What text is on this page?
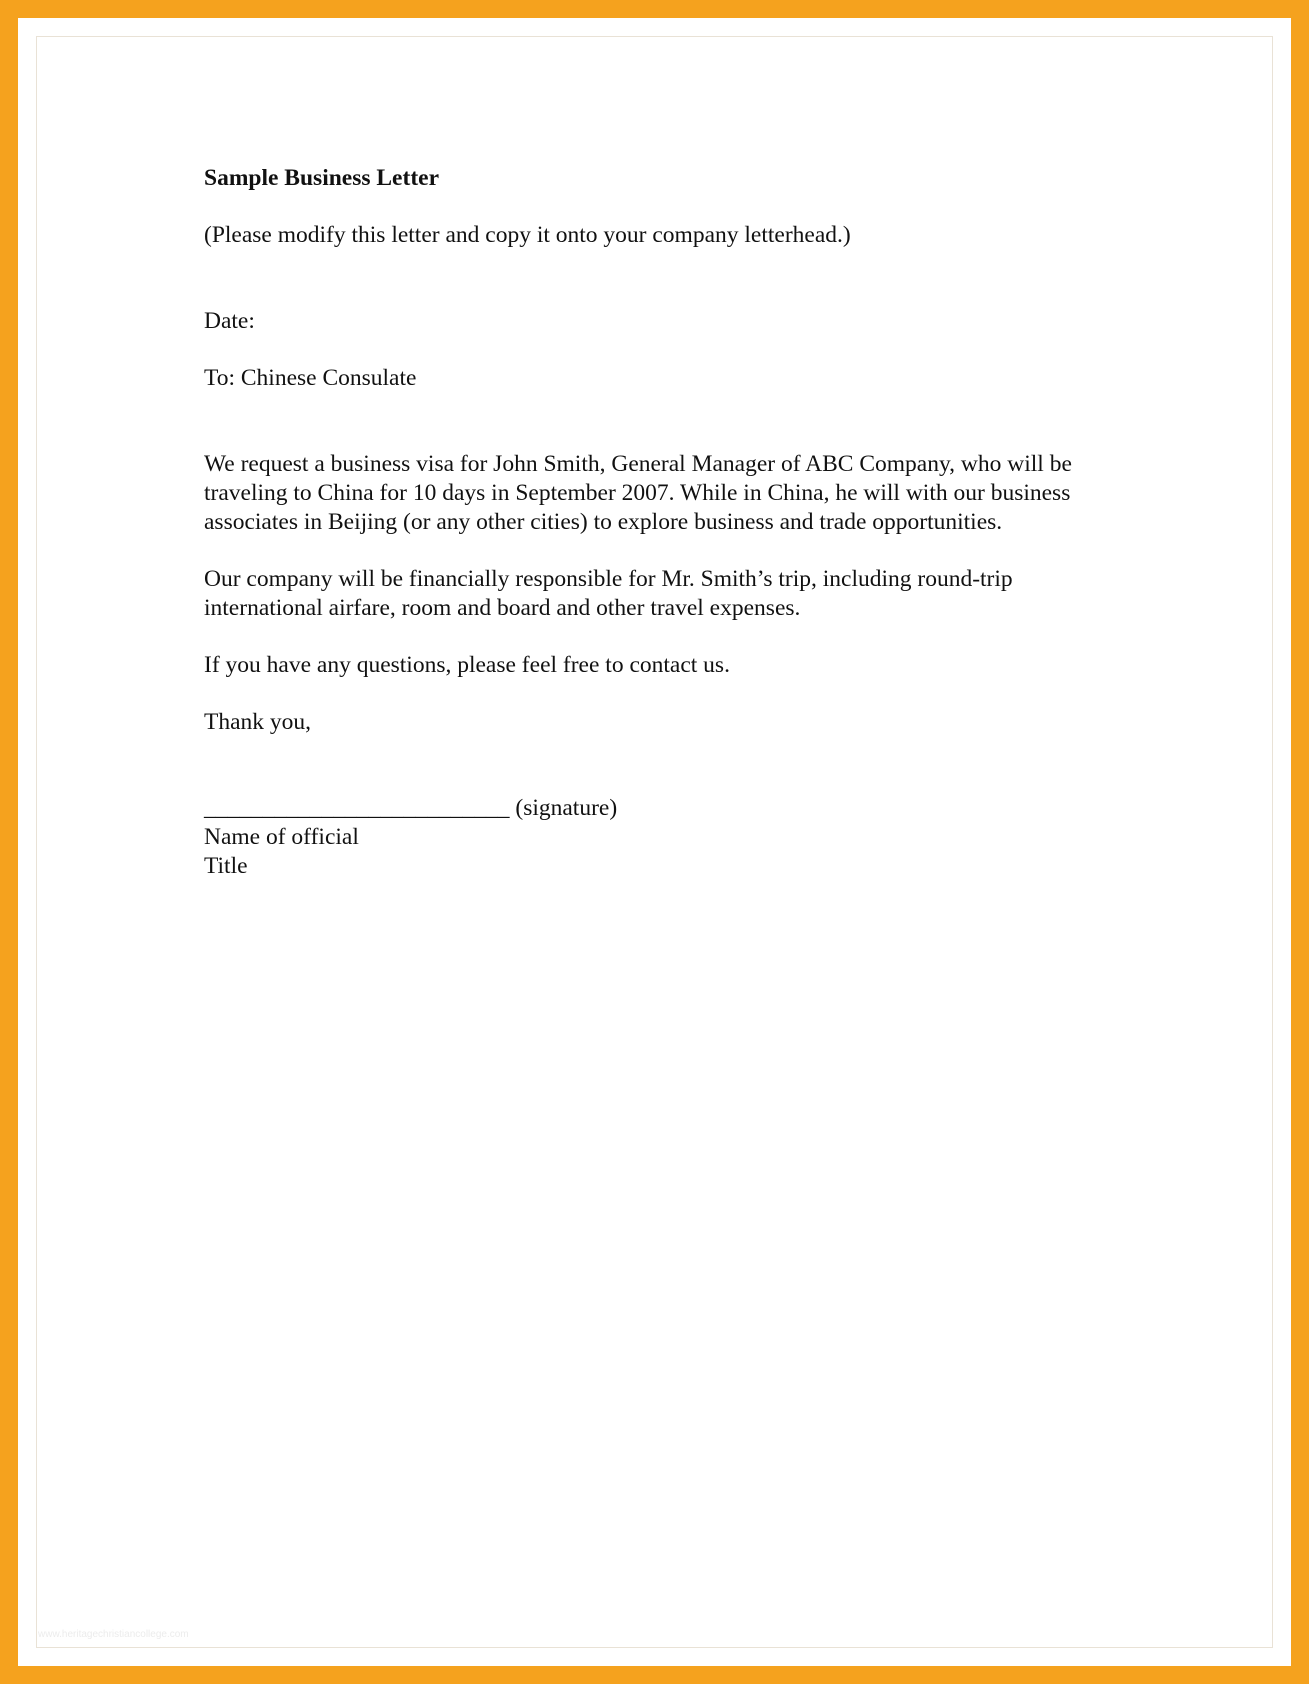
Sample Business Letter

(Please modify this letter and copy it onto your company letterhead.)

Date:

To: Chinese Consulate

We request a business visa for John Smith, General Manager of ABC Company, who will be traveling to China for 10 days in September 2007. While in China, he will with our business associates in Beijing (or any other cities) to explore business and trade opportunities.

Our company will be financially responsible for Mr. Smith’s trip, including round-trip international airfare, room and board and other travel expenses.

If you have any questions, please feel free to contact us.

Thank you,

__________________________ (signature)
Name of official
Title
www.heritagechristiancollege.com
